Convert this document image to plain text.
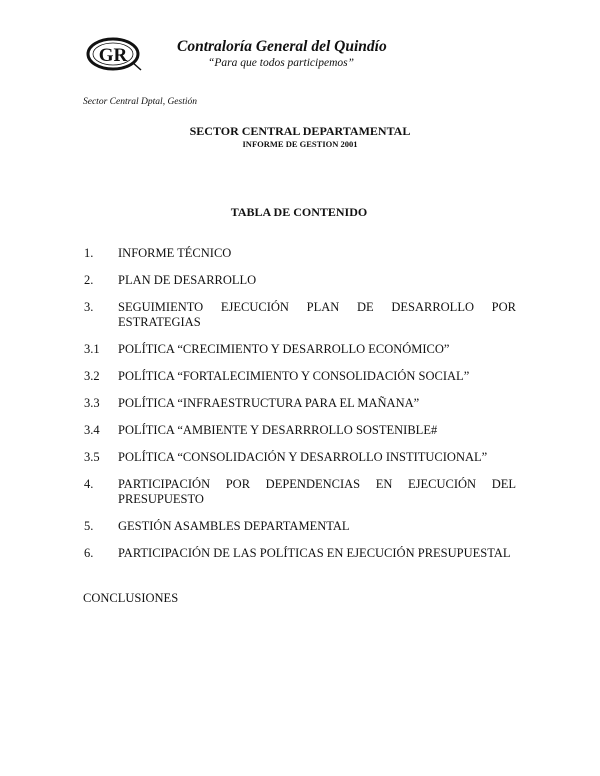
GR	Contraloría General del Quindío
“Para que todos participemos”
Sector Central Dptal, Gestión
SECTOR CENTRAL DEPARTAMENTAL
INFORME DE GESTION 2001
TABLA DE CONTENIDO
1.	INFORME TÉCNICO
2.	PLAN DE DESARROLLO
3.	SEGUIMIENTO EJECUCIÓN PLAN DE DESARROLLO POR ESTRATEGIAS
3.1	POLÍTICA “CRECIMIENTO Y DESARROLLO ECONÓMICO”
3.2	POLÍTICA “FORTALECIMIENTO Y CONSOLIDACIÓN SOCIAL”
3.3	POLÍTICA “INFRAESTRUCTURA PARA EL MAÑANA”
3.4	POLÍTICA “AMBIENTE Y DESARRROLLO SOSTENIBLE#
3.5	POLÍTICA “CONSOLIDACIÓN Y DESARROLLO INSTITUCIONAL”
4.	PARTICIPACIÓN POR DEPENDENCIAS EN EJECUCIÓN DEL PRESUPUESTO
5.	GESTIÓN ASAMBLES DEPARTAMENTAL
6.	PARTICIPACIÓN DE LAS POLÍTICAS EN EJECUCIÓN PRESUPUESTAL
CONCLUSIONES
